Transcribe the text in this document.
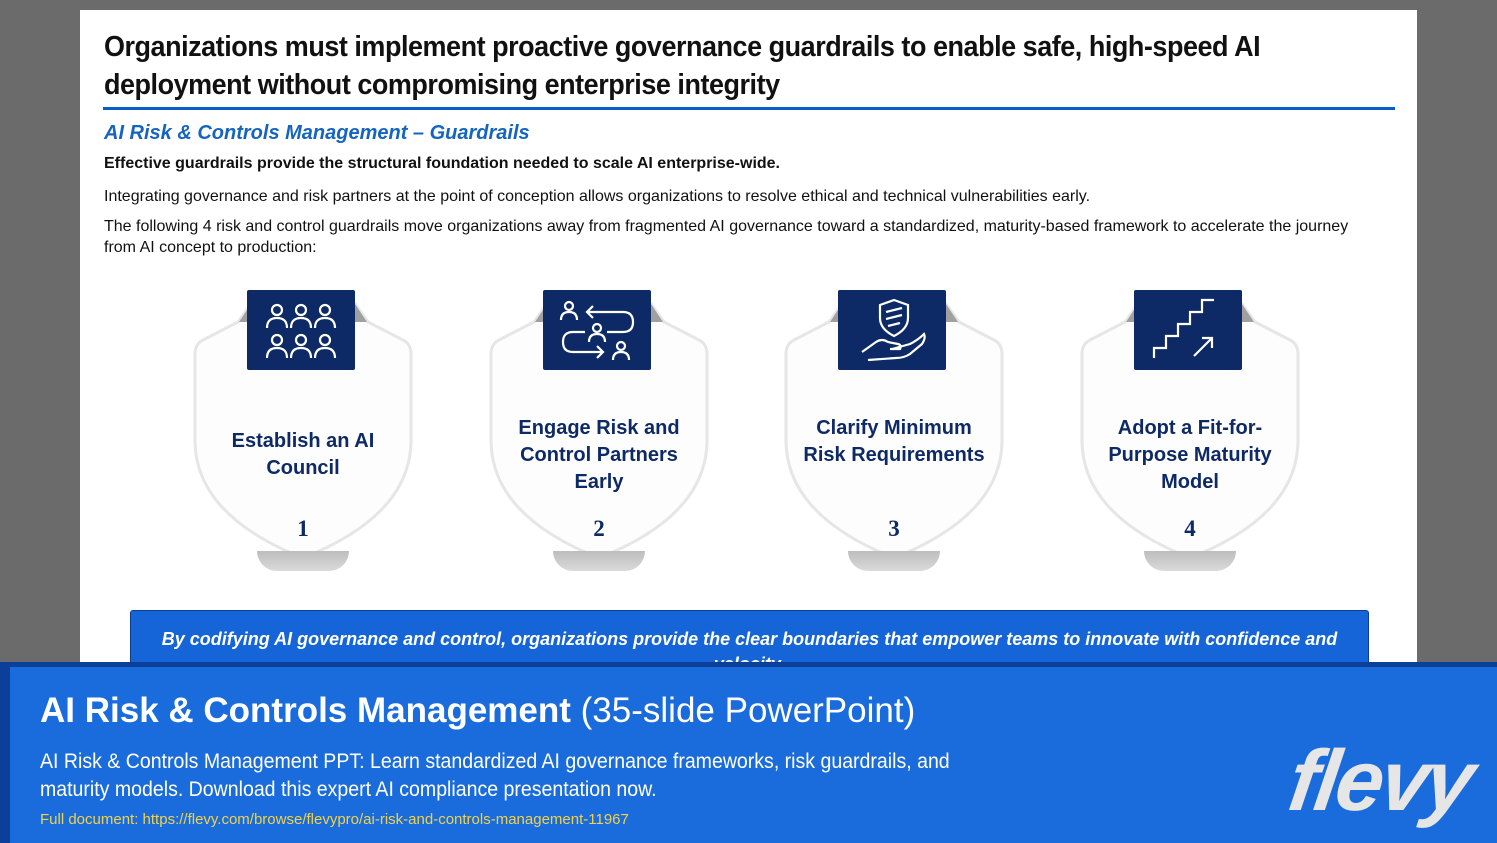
Organizations must implement proactive governance guardrails to enable safe, high-speed AI
deployment without compromising enterprise integrity
AI Risk & Controls Management – Guardrails
Effective guardrails provide the structural foundation needed to scale AI enterprise-wide.
Integrating governance and risk partners at the point of conception allows organizations to resolve ethical and technical vulnerabilities early.
The following 4 risk and control guardrails move organizations away from fragmented AI governance toward a standardized, maturity-based framework to accelerate the journey from AI concept to production:
Establish an AI Council
1
Engage Risk and Control Partners Early
2
Clarify Minimum Risk Requirements
3
Adopt a Fit-for-Purpose Maturity Model
4
By codifying AI governance and control, organizations provide the clear boundaries that empower teams to innovate with confidence and
AI Risk & Controls Management (35-slide PowerPoint)
AI Risk & Controls Management PPT: Learn standardized AI governance frameworks, risk guardrails, and maturity models. Download this expert AI compliance presentation now.
Full document: https://flevy.com/browse/flevypro/ai-risk-and-controls-management-11967	flevy
